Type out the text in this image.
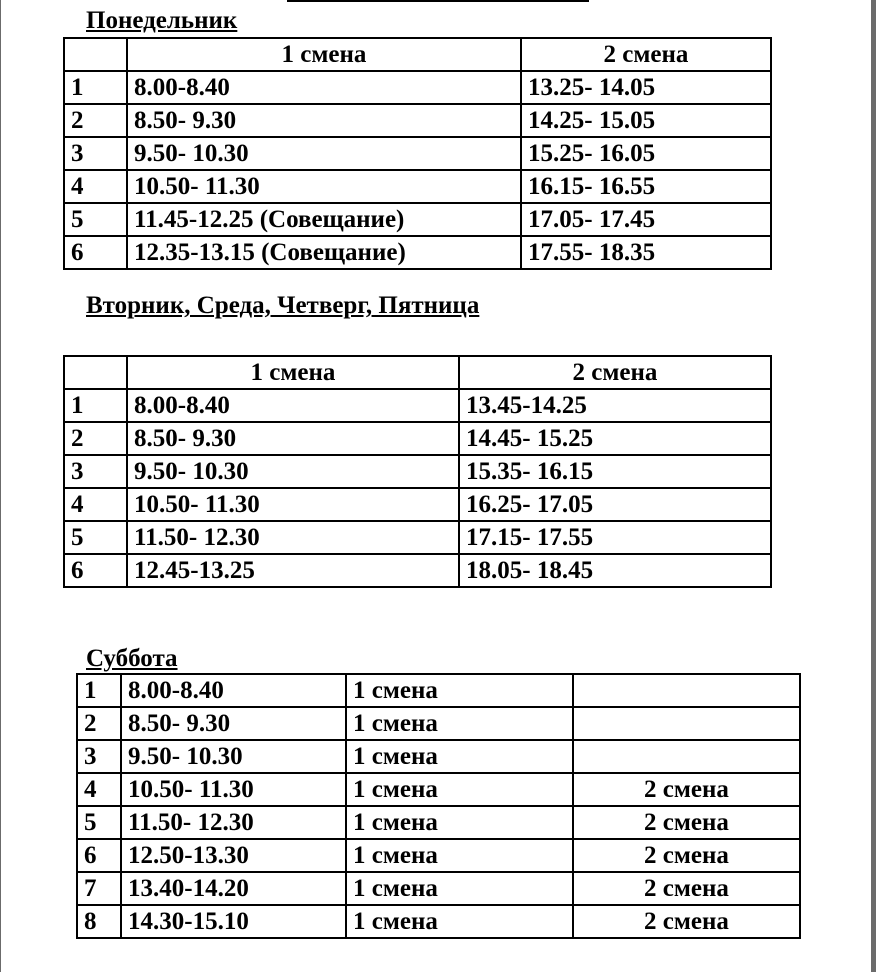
Понедельник
	1 смена	2 смена
1	8.00-8.40	13.25- 14.05
2	8.50- 9.30	14.25- 15.05
3	9.50- 10.30	15.25- 16.05
4	10.50- 11.30	16.15- 16.55
5	11.45-12.25 (Совещание)	17.05- 17.45
6	12.35-13.15 (Совещание)	17.55- 18.35
Вторник, Среда, Четверг, Пятница
	1 смена	2 смена
1	8.00-8.40	13.45-14.25
2	8.50- 9.30	14.45- 15.25
3	9.50- 10.30	15.35- 16.15
4	10.50- 11.30	16.25- 17.05
5	11.50- 12.30	17.15- 17.55
6	12.45-13.25	18.05- 18.45
Суббота
1	8.00-8.40	1 смена	
2	8.50- 9.30	1 смена	
3	9.50- 10.30	1 смена	
4	10.50- 11.30	1 смена	2 смена
5	11.50- 12.30	1 смена	2 смена
6	12.50-13.30	1 смена	2 смена
7	13.40-14.20	1 смена	2 смена
8	14.30-15.10	1 смена	2 смена
